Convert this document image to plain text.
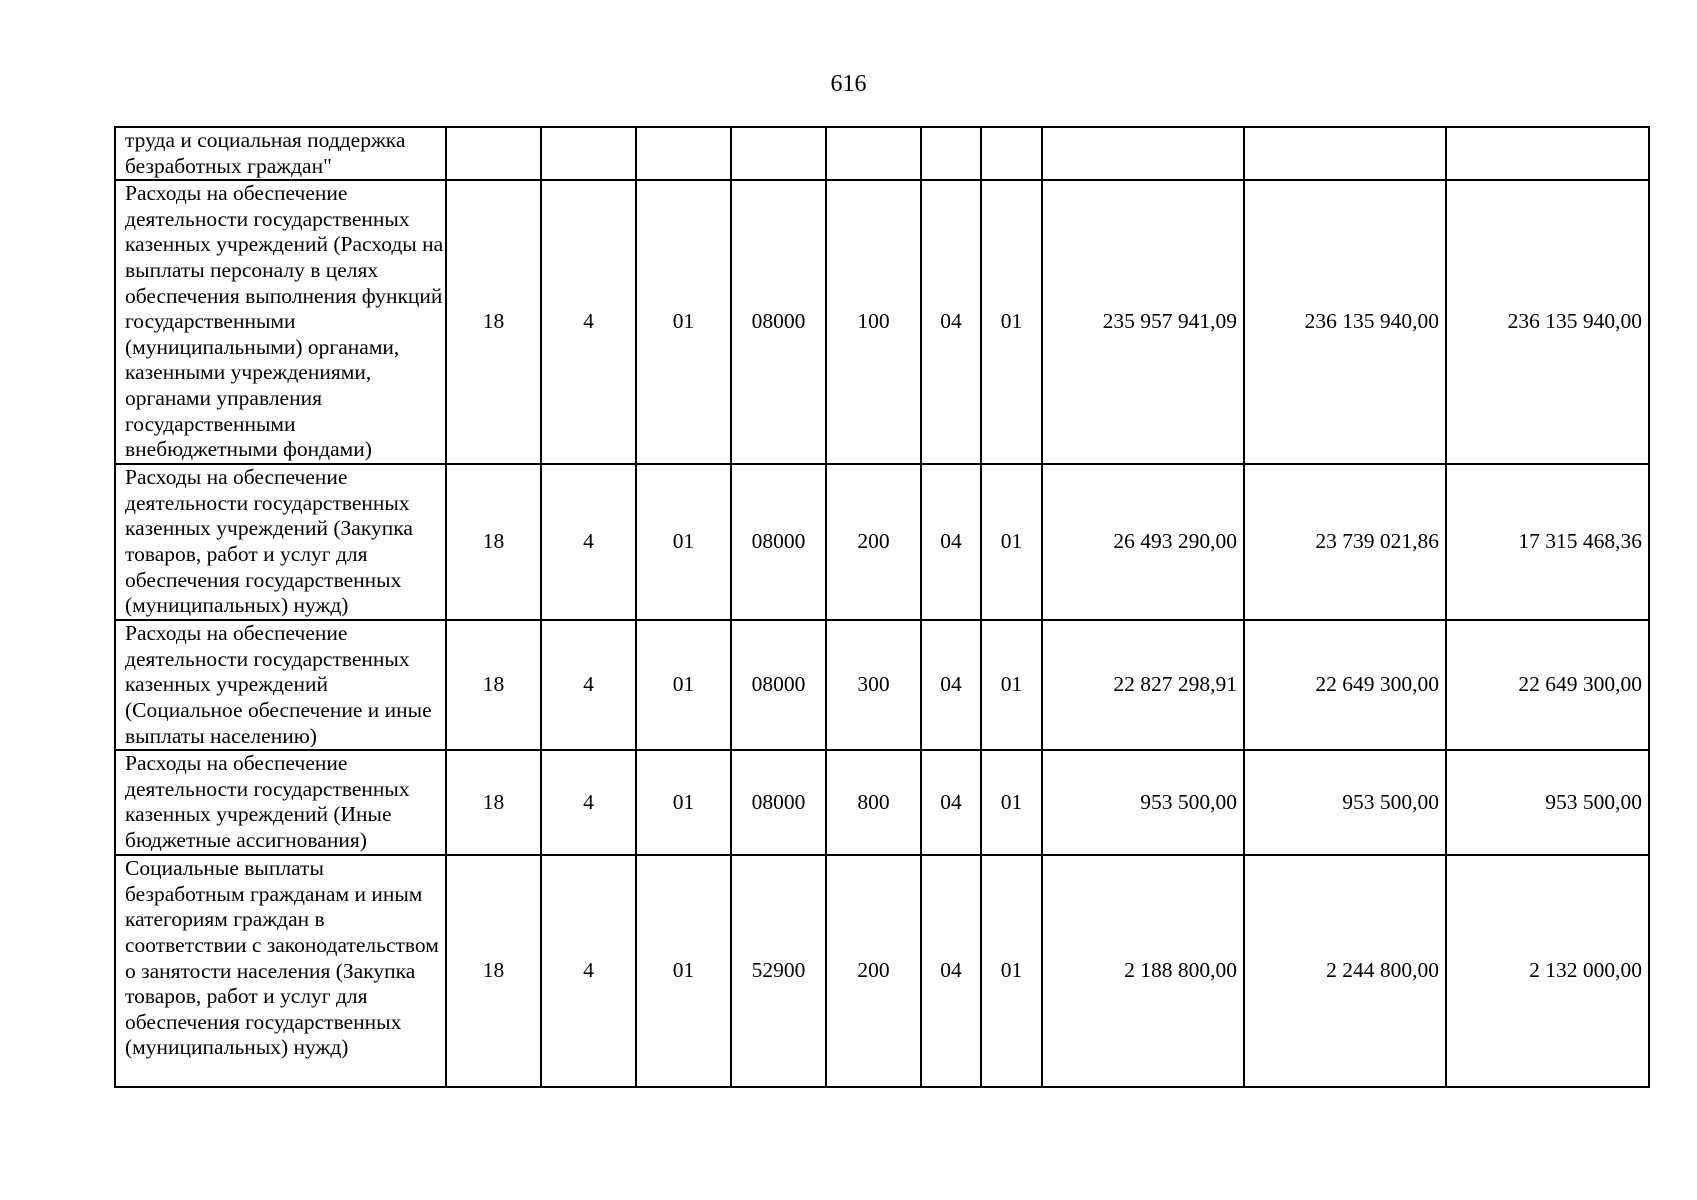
616
труда и социальная поддержка безработных граждан"										
Расходы на обеспечение деятельности государственных казенных учреждений (Расходы на выплаты персоналу в целях обеспечения выполнения функций государственными (муниципальными) органами, казенными учреждениями, органами управления государственными внебюджетными фондами)	18	4	01	08000	100	04	01	235 957 941,09	236 135 940,00	236 135 940,00
Расходы на обеспечение деятельности государственных казенных учреждений (Закупка товаров, работ и услуг для обеспечения государственных (муниципальных) нужд)	18	4	01	08000	200	04	01	26 493 290,00	23 739 021,86	17 315 468,36
Расходы на обеспечение деятельности государственных казенных учреждений (Социальное обеспечение и иные выплаты населению)	18	4	01	08000	300	04	01	22 827 298,91	22 649 300,00	22 649 300,00
Расходы на обеспечение деятельности государственных казенных учреждений (Иные бюджетные ассигнования)	18	4	01	08000	800	04	01	953 500,00	953 500,00	953 500,00
Социальные выплаты безработным гражданам и иным категориям граждан в соответствии с законодательством о занятости населения (Закупка товаров, работ и услуг для обеспечения государственных (муниципальных) нужд)	18	4	01	52900	200	04	01	2 188 800,00	2 244 800,00	2 132 000,00
